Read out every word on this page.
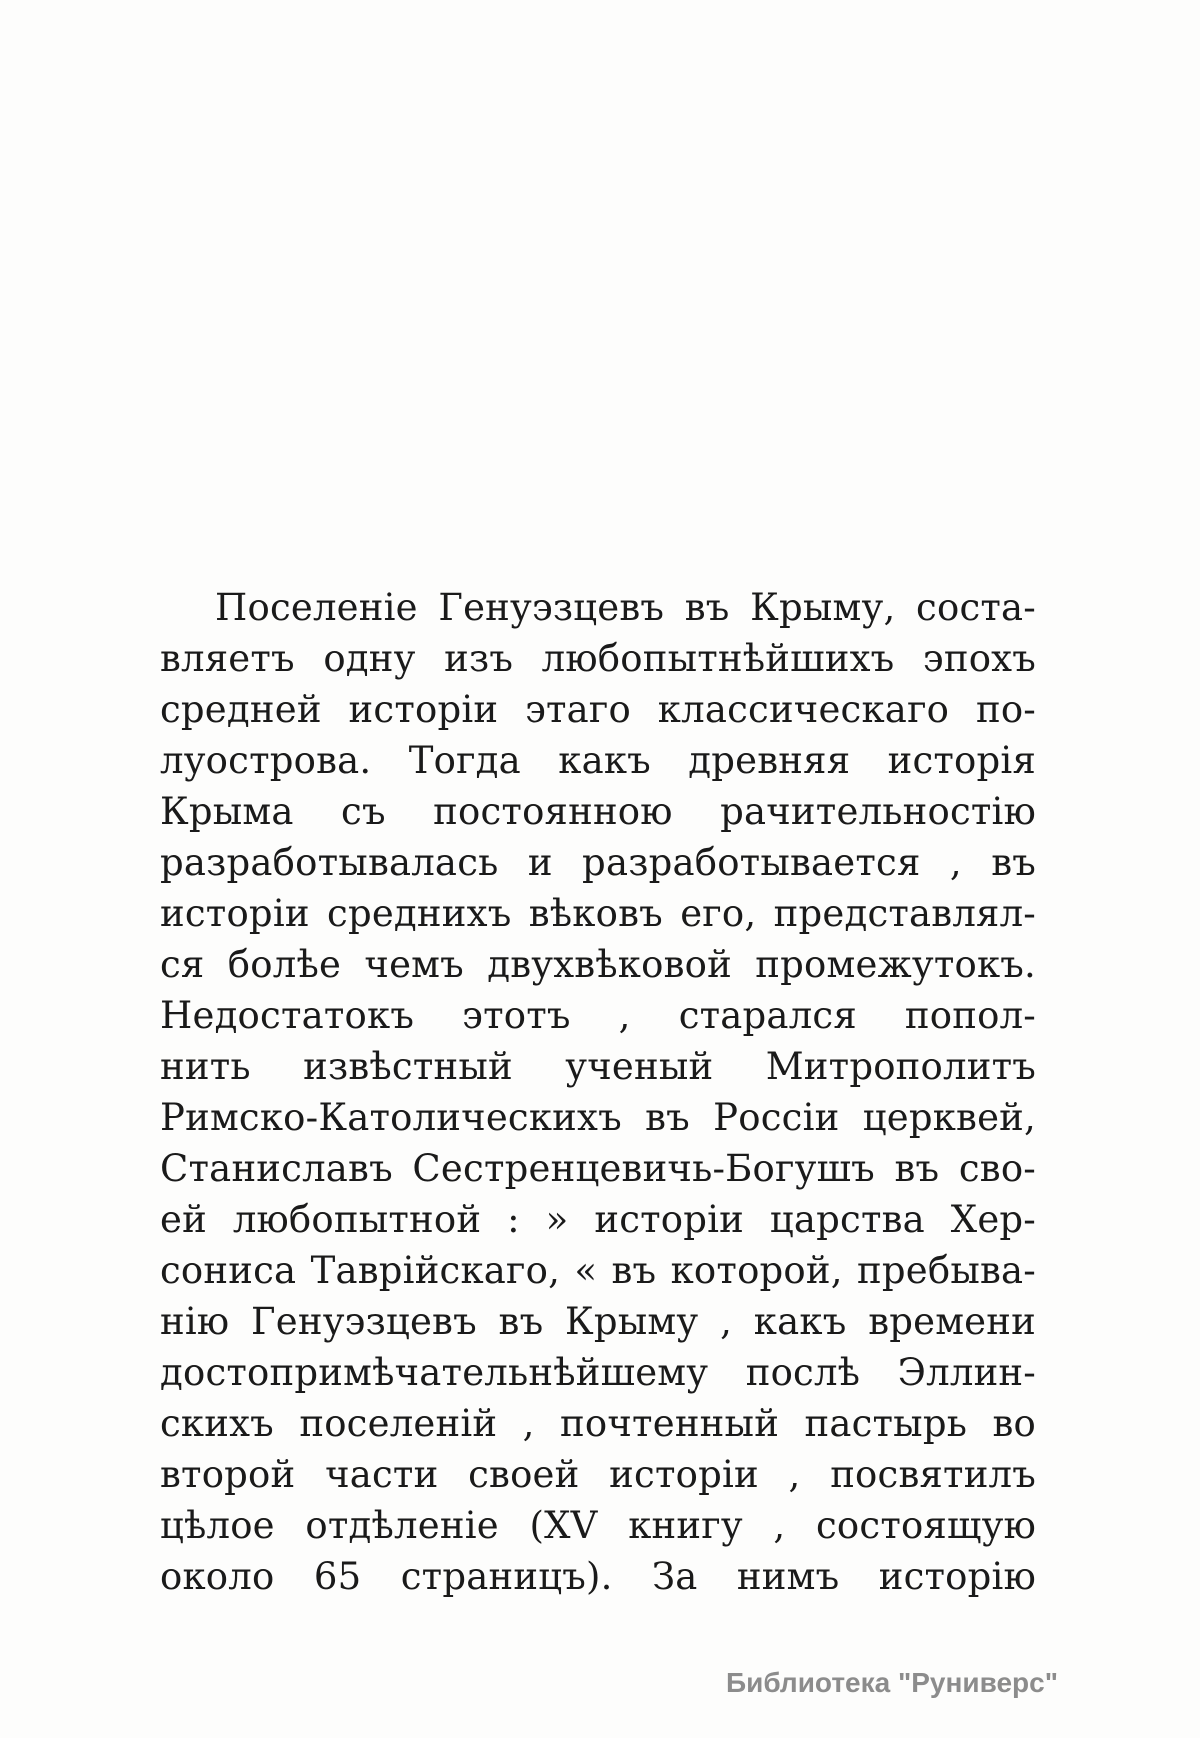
Поселеніе Генуэзцевъ въ Крыму, соста-
вляетъ одну изъ любопытнѣйшихъ эпохъ
средней исторіи этаго классическаго по-
луострова. Тогда какъ древняя исторія
Крыма съ постоянною рачительностію
разработывалась и разработывается , въ
исторіи среднихъ вѣковъ его, представлял-
ся болѣе чемъ двухвѣковой промежутокъ.
Недостатокъ этотъ , старался попол-
нить извѣстный ученый Митрополитъ
Римско-Католическихъ въ Россіи церквей,
Станиславъ Сестренцевичь-Богушъ въ сво-
ей любопытной : » исторіи царства Хер-
сониса Таврійскаго, « въ которой, пребыва-
нію Генуэзцевъ въ Крыму , какъ времени
достопримѣчательнѣйшему послѣ Эллин-
скихъ поселеній , почтенный пастырь во
второй части своей исторіи , посвятилъ
цѣлое отдѣленіе (XV книгу , состоящую
около 65 страницъ). За нимъ исторію
Библиотека "Руниверс"
